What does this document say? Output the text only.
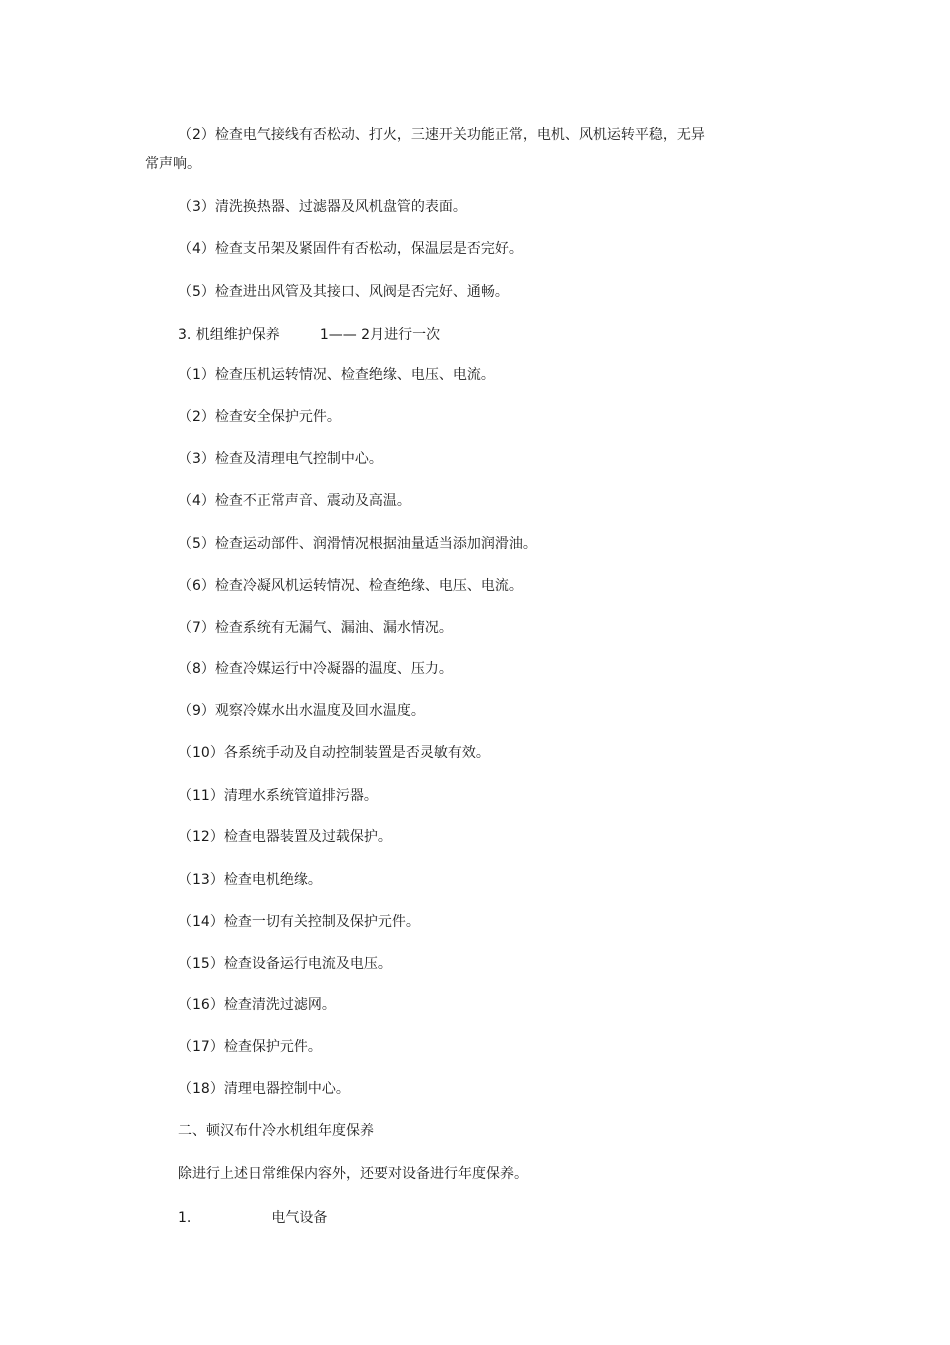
（2）检查电气接线有否松动、打火，三速开关功能正常，电机、风机运转平稳，无异
常声响。
（3）清洗换热器、过滤器及风机盘管的表面。
（4）检查支吊架及紧固件有否松动，保温层是否完好。
（5）检查进出风管及其接口、风阀是否完好、通畅。
3. 机组维护保养	1—— 2月进行一次
（1）检查压机运转情况、检查绝缘、电压、电流。
（2）检查安全保护元件。
（3）检查及清理电气控制中心。
（4）检查不正常声音、震动及高温。
（5）检查运动部件、润滑情况根据油量适当添加润滑油。
（6）检查冷凝风机运转情况、检查绝缘、电压、电流。
（7）检查系统有无漏气、漏油、漏水情况。
（8）检查冷媒运行中冷凝器的温度、压力。
（9）观察冷媒水出水温度及回水温度。
（10）各系统手动及自动控制装置是否灵敏有效。
（11）清理水系统管道排污器。
（12）检查电器装置及过载保护。
（13）检查电机绝缘。
（14）检查一切有关控制及保护元件。
（15）检查设备运行电流及电压。
（16）检查清洗过滤网。
（17）检查保护元件。
（18）清理电器控制中心。
二、顿汉布什冷水机组年度保养
除进行上述日常维保内容外，还要对设备进行年度保养。
1.	电气设备
